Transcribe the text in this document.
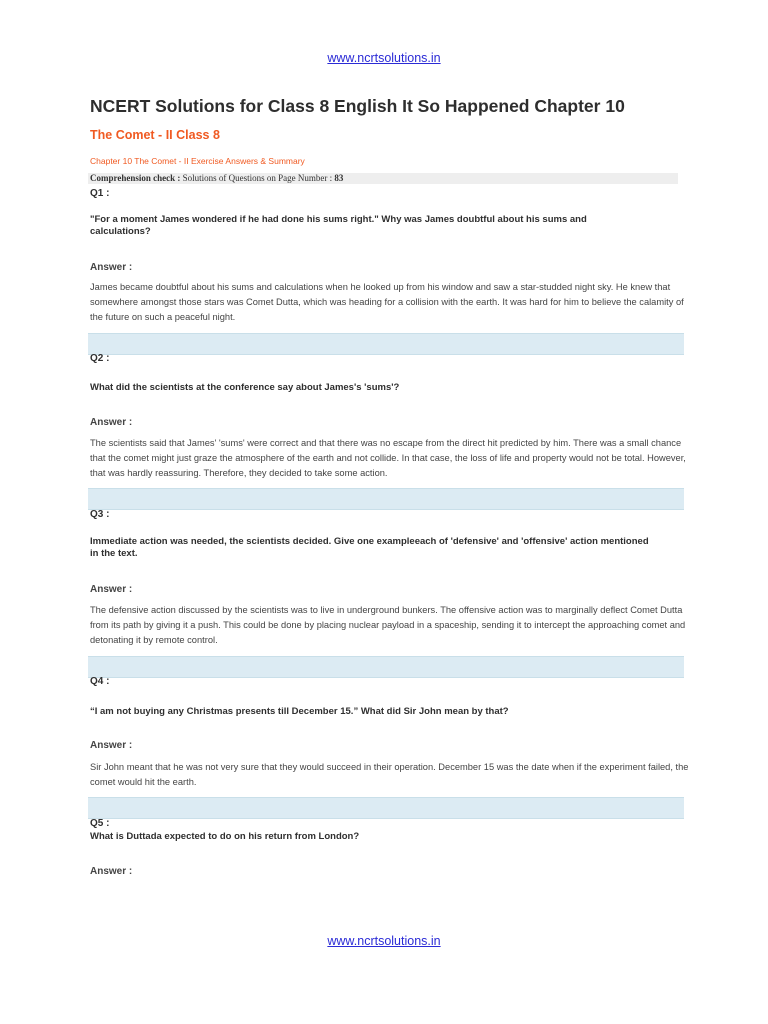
www.ncrtsolutions.in
NCERT Solutions for Class 8 English It So Happened Chapter 10
The Comet - II Class 8
Chapter 10 The Comet - II Exercise Answers & Summary
Comprehension check : Solutions of Questions on Page Number : 83
Q1 :
"For a moment James wondered if he had done his sums right." Why was James doubtful about his sums and calculations?
Answer :
James became doubtful about his sums and calculations when he looked up from his window and saw a star-studded night sky. He knew that somewhere amongst those stars was Comet Dutta, which was heading for a collision with the earth. It was hard for him to believe the calamity of the future on such a peaceful night.
Q2 :
What did the scientists at the conference say about James's 'sums'?
Answer :
The scientists said that James' 'sums' were correct and that there was no escape from the direct hit predicted by him. There was a small chance that the comet might just graze the atmosphere of the earth and not collide. In that case, the loss of life and property would not be total. However, that was hardly reassuring. Therefore, they decided to take some action.
Q3 :
Immediate action was needed, the scientists decided. Give one exampleeach of 'defensive' and 'offensive' action mentioned in the text.
Answer :
The defensive action discussed by the scientists was to live in underground bunkers. The offensive action was to marginally deflect Comet Dutta from its path by giving it a push. This could be done by placing nuclear payload in a spaceship, sending it to intercept the approaching comet and detonating it by remote control.
Q4 :
“I am not buying any Christmas presents till December 15.” What did Sir John mean by that?
Answer :
Sir John meant that he was not very sure that they would succeed in their operation. December 15 was the date when if the experiment failed, the comet would hit the earth.
Q5 :
What is Duttada expected to do on his return from London?
Answer :
www.ncrtsolutions.in
